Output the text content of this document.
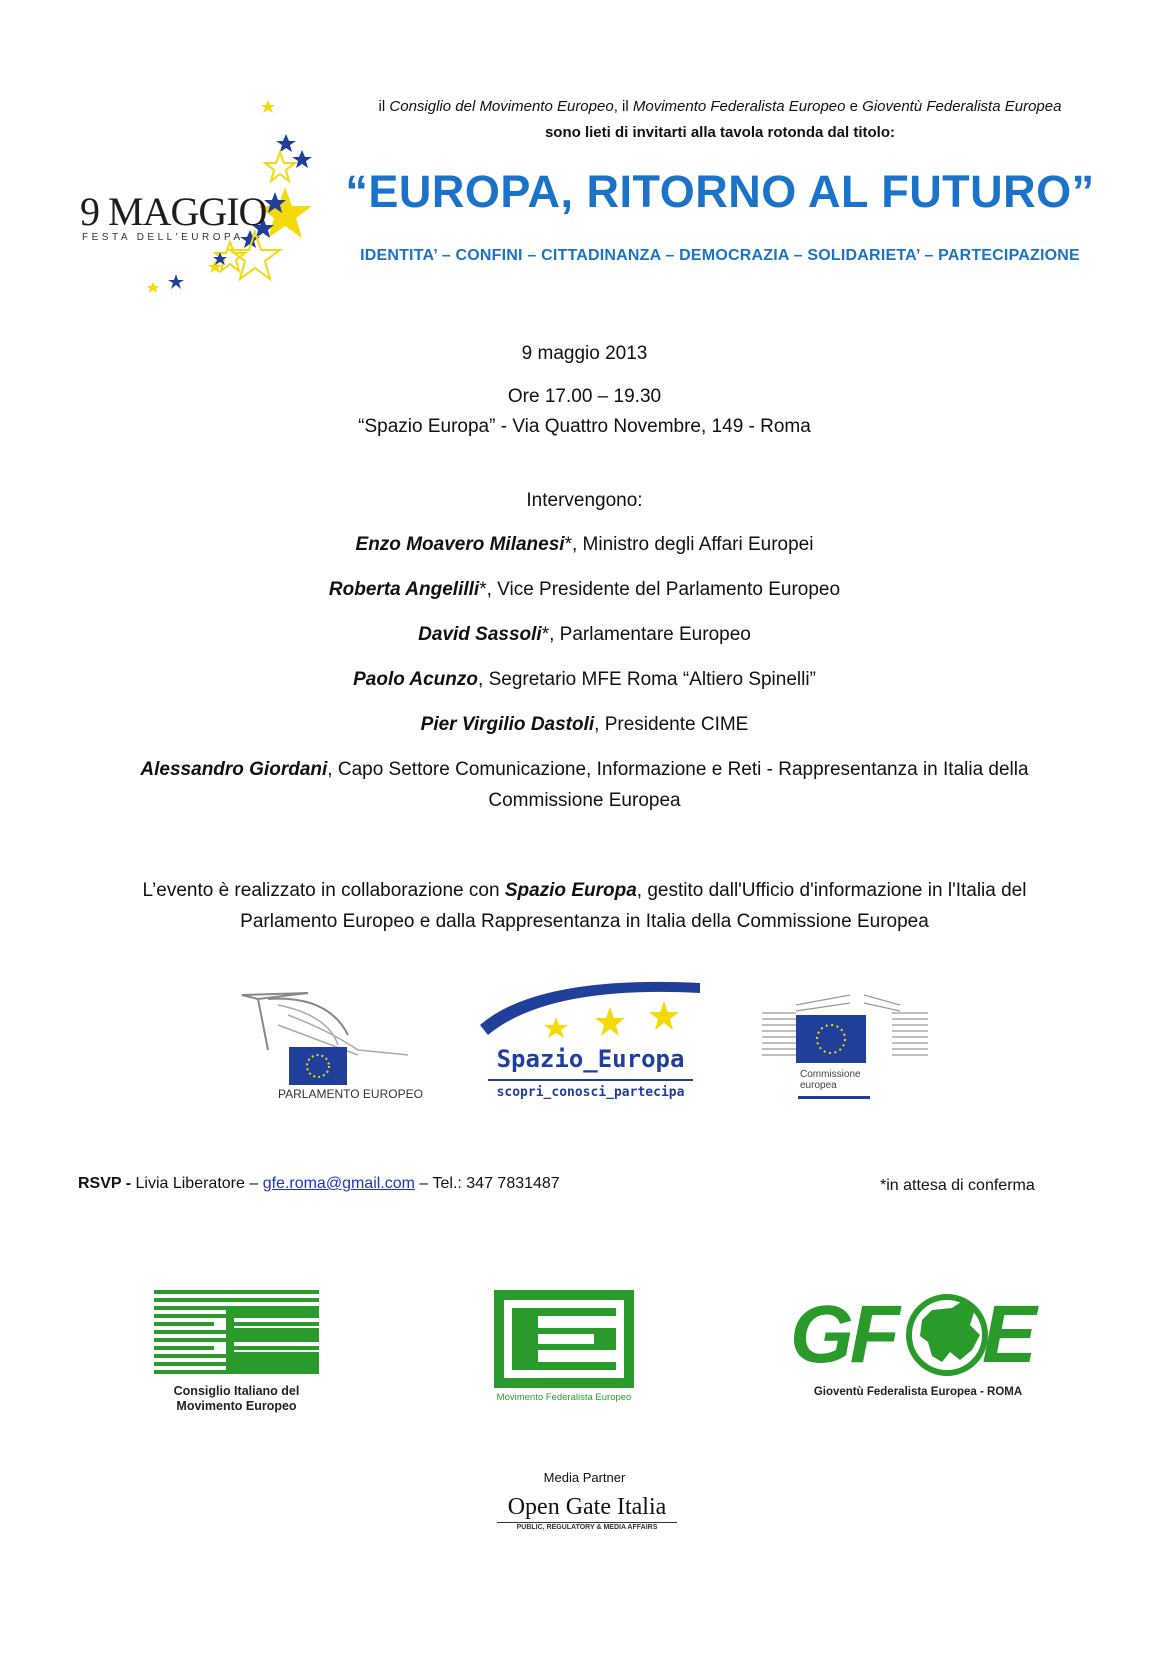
9 MAGGIO
FESTA DELL'EUROPA
il Consiglio del Movimento Europeo, il Movimento Federalista Europeo e Gioventù Federalista Europea
sono lieti di invitarti alla tavola rotonda dal titolo:
“EUROPA, RITORNO AL FUTURO”
IDENTITA’ – CONFINI – CITTADINANZA – DEMOCRAZIA – SOLIDARIETA’ – PARTECIPAZIONE
9 maggio 2013
Ore 17.00 – 19.30
“Spazio Europa” - Via Quattro Novembre, 149 - Roma
Intervengono:
Enzo Moavero Milanesi*, Ministro degli Affari Europei
Roberta Angelilli*, Vice Presidente del Parlamento Europeo
David Sassoli*, Parlamentare Europeo
Paolo Acunzo, Segretario MFE Roma “Altiero Spinelli”
Pier Virgilio Dastoli, Presidente CIME
Alessandro Giordani, Capo Settore Comunicazione, Informazione e Reti - Rappresentanza in Italia della
Commissione Europea
L’evento è realizzato in collaborazione con Spazio Europa, gestito dall'Ufficio d'informazione in l'Italia del
Parlamento Europeo e dalla Rappresentanza in Italia della Commissione Europea
PARLAMENTO EUROPEO
Spazio_Europa
scopri_conosci_partecipa
Commissione
europea
RSVP - Livia Liberatore – gfe.roma@gmail.com – Tel.: 347 7831487	*in attesa di conferma
Consiglio Italiano del
Movimento Europeo
Movimento Federalista Europeo
GF E
Gioventù Federalista Europea - ROMA
Media Partner
Open Gate Italia
PUBLIC, REGULATORY & MEDIA AFFAIRS
